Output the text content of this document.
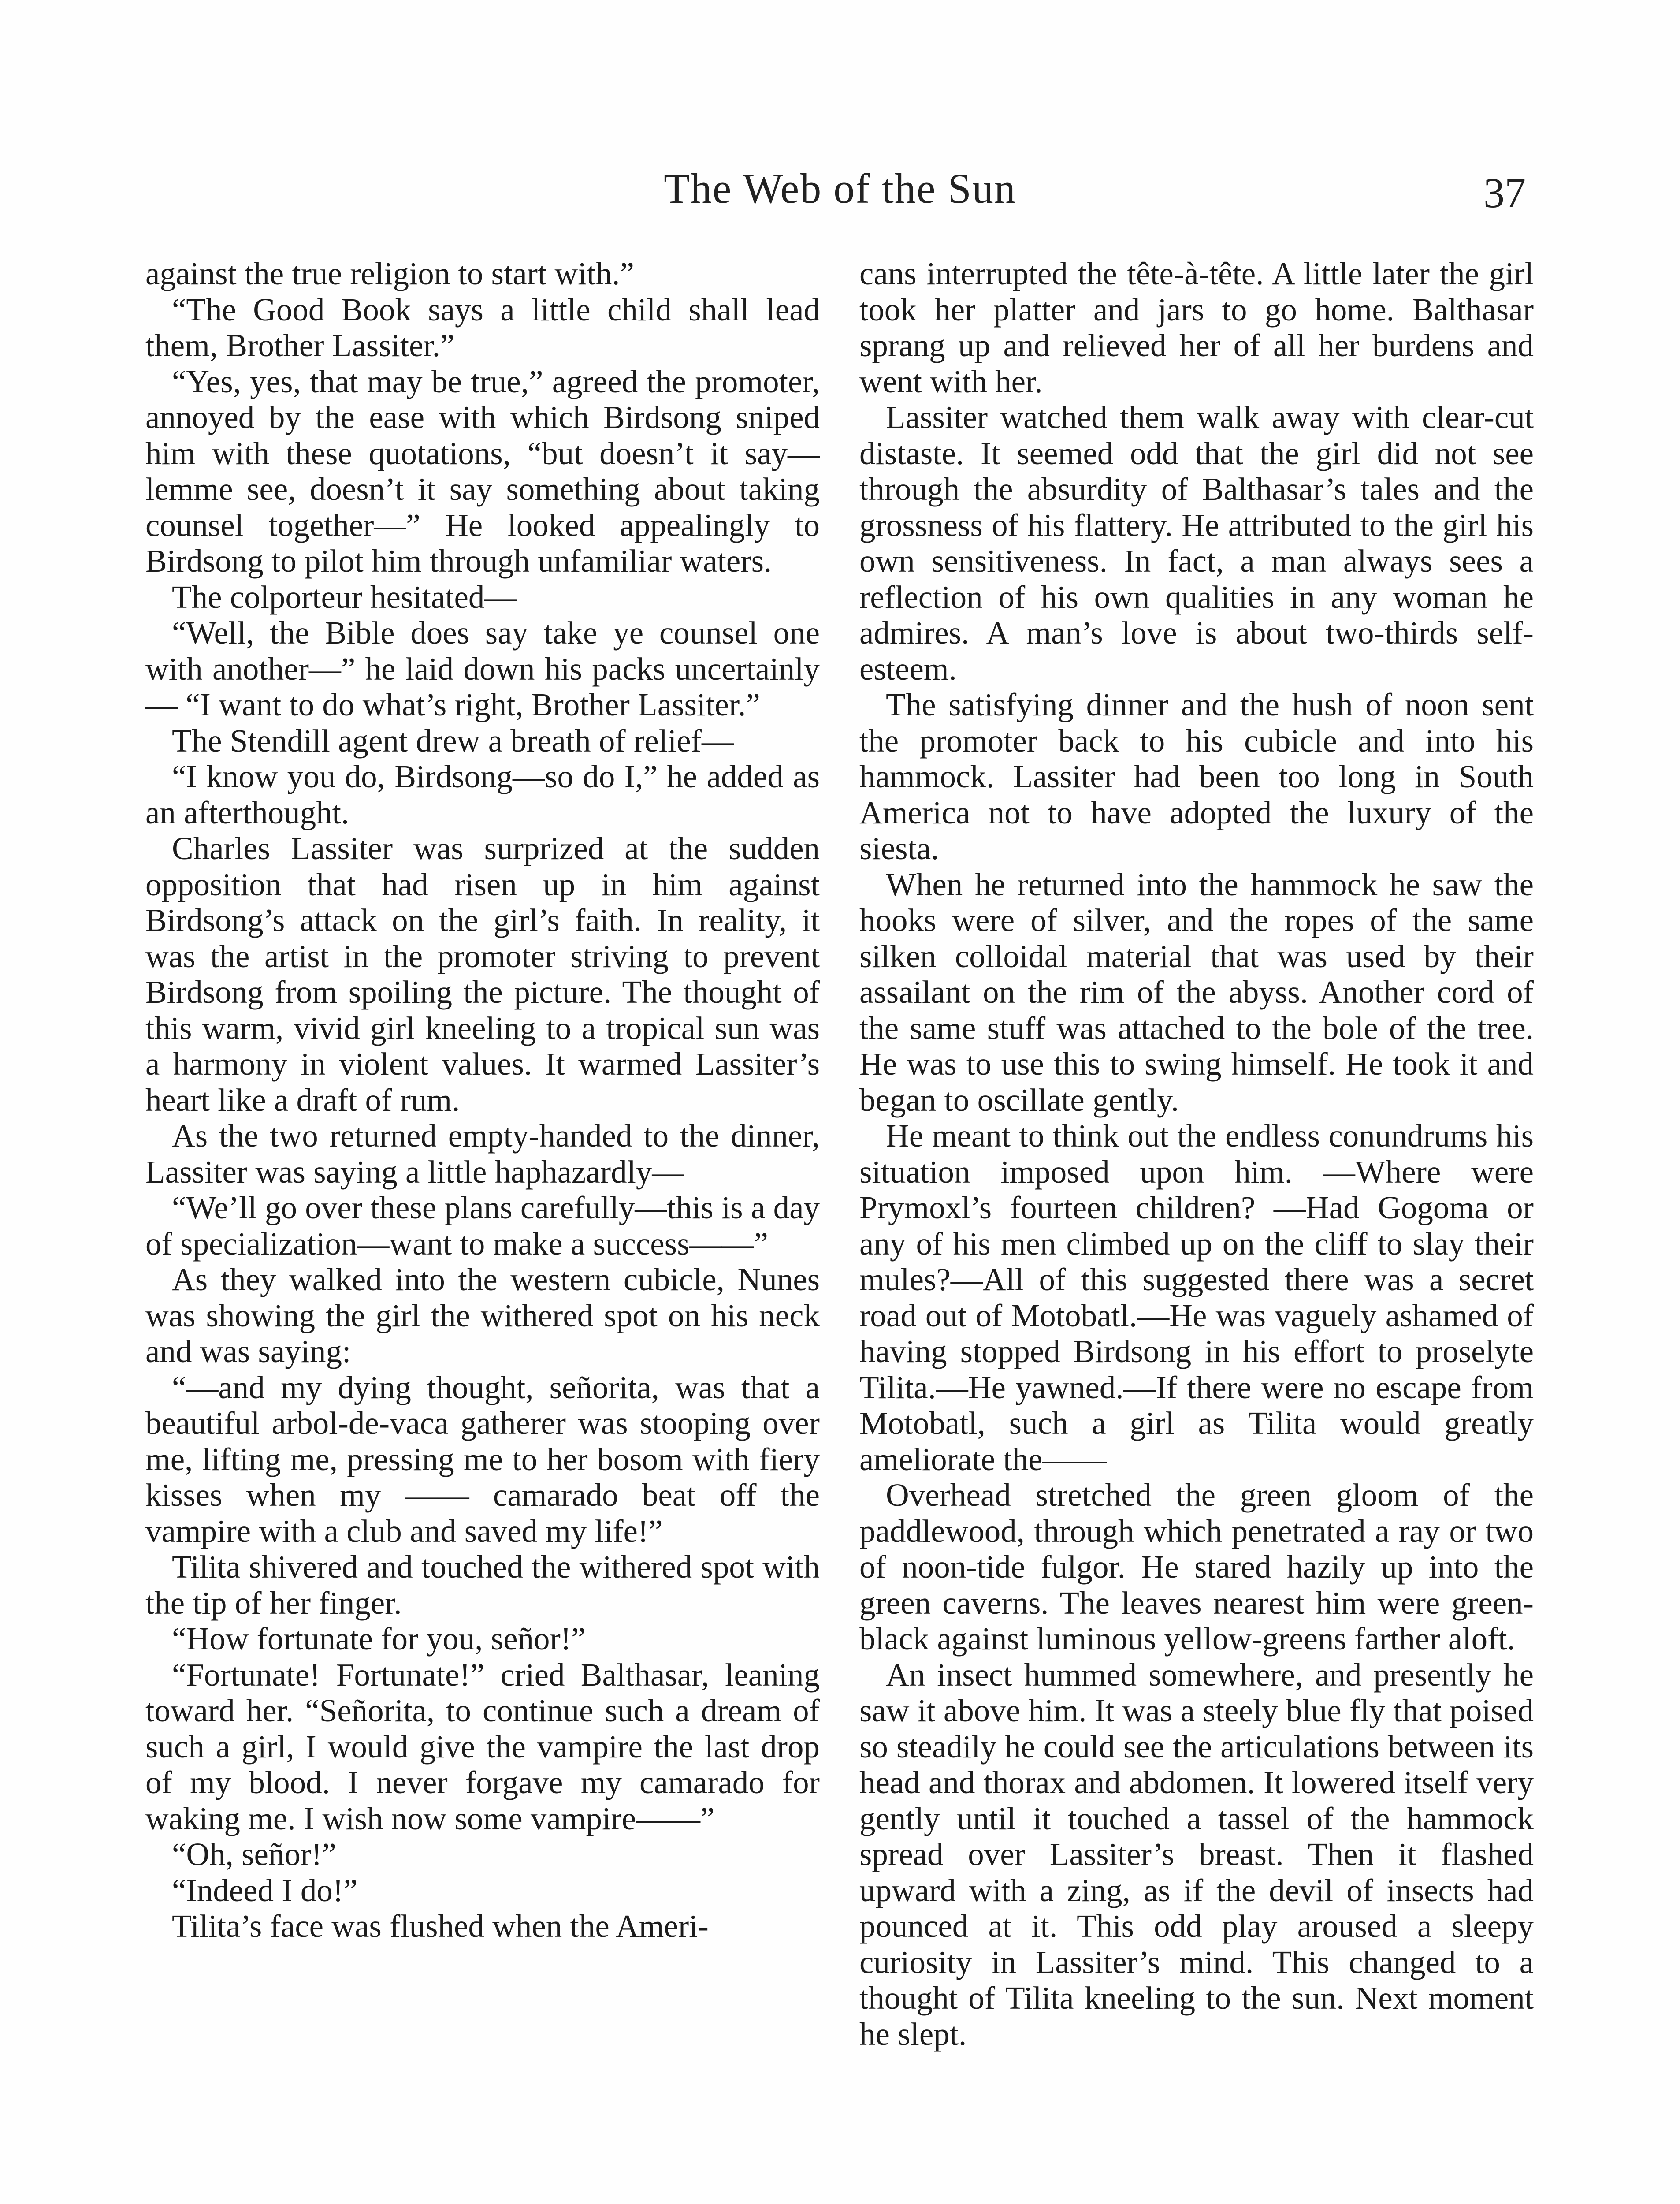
The Web of the Sun	37

against the true religion to start with.”

“The Good Book says a little child shall lead them, Brother Lassiter.”

“Yes, yes, that may be true,” agreed the promoter, annoyed by the ease with which Birdsong sniped him with these quotations, “but doesn’t it say—lemme see, doesn’t it say something about taking counsel together—” He looked appealingly to Birdsong to pilot him through unfamiliar waters.

The colporteur hesitated—

“Well, the Bible does say take ye counsel one with another—” he laid down his packs uncertainly— “I want to do what’s right, Brother Lassiter.”

The Stendill agent drew a breath of relief—

“I know you do, Birdsong—so do I,” he added as an afterthought.

Charles Lassiter was surprized at the sudden opposition that had risen up in him against Birdsong’s attack on the girl’s faith. In reality, it was the artist in the promoter striving to prevent Birdsong from spoiling the picture. The thought of this warm, vivid girl kneeling to a tropical sun was a harmony in violent values. It warmed Lassiter’s heart like a draft of rum.

As the two returned empty-handed to the dinner, Lassiter was saying a little haphazardly—

“We’ll go over these plans carefully—this is a day of specialization—want to make a success——”

As they walked into the western cubicle, Nunes was showing the girl the withered spot on his neck and was saying:

“—and my dying thought, señorita, was that a beautiful arbol-de-vaca gatherer was stooping over me, lifting me, pressing me to her bosom with fiery kisses when my —— camarado beat off the vampire with a club and saved my life!”

Tilita shivered and touched the withered spot with the tip of her finger.

“How fortunate for you, señor!”

“Fortunate! Fortunate!” cried Balthasar, leaning toward her. “Señorita, to continue such a dream of such a girl, I would give the vampire the last drop of my blood. I never forgave my camarado for waking me. I wish now some vampire——”

“Oh, señor!”

“Indeed I do!”

Tilita’s face was flushed when the Ameri-

cans interrupted the tête-à-tête. A little later the girl took her platter and jars to go home. Balthasar sprang up and relieved her of all her burdens and went with her.

Lassiter watched them walk away with clear-cut distaste. It seemed odd that the girl did not see through the absurdity of Balthasar’s tales and the grossness of his flattery. He attributed to the girl his own sensitiveness. In fact, a man always sees a reflection of his own qualities in any woman he admires. A man’s love is about two-thirds self-esteem.

The satisfying dinner and the hush of noon sent the promoter back to his cubicle and into his hammock. Lassiter had been too long in South America not to have adopted the luxury of the siesta.

When he returned into the hammock he saw the hooks were of silver, and the ropes of the same silken colloidal material that was used by their assailant on the rim of the abyss. Another cord of the same stuff was attached to the bole of the tree. He was to use this to swing himself. He took it and began to oscillate gently.

He meant to think out the endless conundrums his situation imposed upon him. —Where were Prymoxl’s fourteen children? —Had Gogoma or any of his men climbed up on the cliff to slay their mules?—All of this suggested there was a secret road out of Motobatl.—He was vaguely ashamed of having stopped Birdsong in his effort to proselyte Tilita.—He yawned.—If there were no escape from Motobatl, such a girl as Tilita would greatly ameliorate the——

Overhead stretched the green gloom of the paddlewood, through which penetrated a ray or two of noon-tide fulgor. He stared hazily up into the green caverns. The leaves nearest him were green-black against luminous yellow-greens farther aloft.

An insect hummed somewhere, and presently he saw it above him. It was a steely blue fly that poised so steadily he could see the articulations between its head and thorax and abdomen. It lowered itself very gently until it touched a tassel of the hammock spread over Lassiter’s breast. Then it flashed upward with a zing, as if the devil of insects had pounced at it. This odd play aroused a sleepy curiosity in Lassiter’s mind. This changed to a thought of Tilita kneeling to the sun. Next moment he slept.
